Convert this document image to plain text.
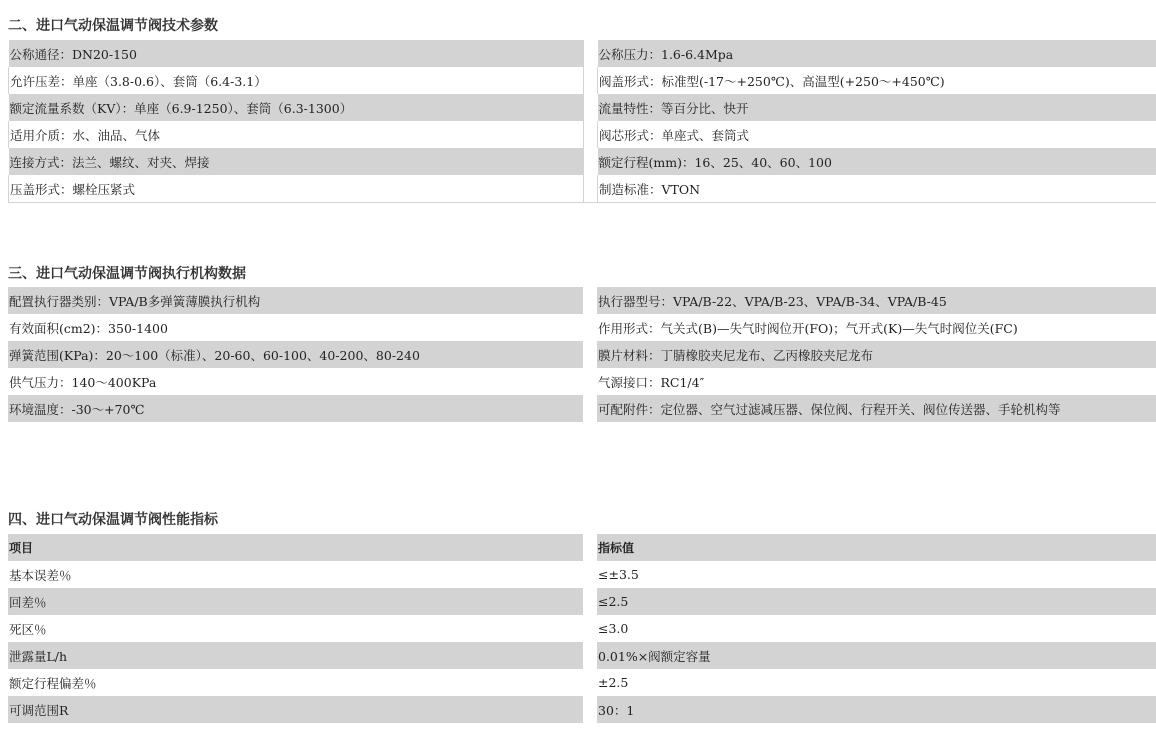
二、进口气动保温调节阀技术参数
公称通径：DN20-150		公称压力：1.6-6.4Mpa
允许压差：单座（3.8-0.6）、套筒（6.4-3.1）		阀盖形式：标准型(-17～+250℃)、高温型(+250～+450℃)
额定流量系数（KV）：单座（6.9-1250）、套筒（6.3-1300）		流量特性：等百分比、快开
适用介质：水、油品、气体		阀芯形式：单座式、套筒式
连接方式：法兰、螺纹、对夹、焊接		额定行程(mm)：16、25、40、60、100
压盖形式：螺栓压紧式		制造标准：VTON
三、进口气动保温调节阀执行机构数据
配置执行器类别：VPA/B多弹簧薄膜执行机构		执行器型号：VPA/B-22、VPA/B-23、VPA/B-34、VPA/B-45
有效面积(cm2)：350-1400		作用形式：气关式(B)—失气时阀位开(FO)；气开式(K)—失气时阀位关(FC)
弹簧范围(KPa)：20～100（标准）、20-60、60-100、40-200、80-240		膜片材料：丁腈橡胶夹尼龙布、乙丙橡胶夹尼龙布
供气压力：140～400KPa		气源接口：RC1/4″
环境温度：-30～+70℃		可配附件：定位器、空气过滤减压器、保位阀、行程开关、阀位传送器、手轮机构等
四、进口气动保温调节阀性能指标
项目		指标值
基本误差％		≤±3.5
回差％		≤2.5
死区％		≤3.0
泄露量L/h		0.01%×阀额定容量
额定行程偏差％		±2.5
可调范围R		30：1
